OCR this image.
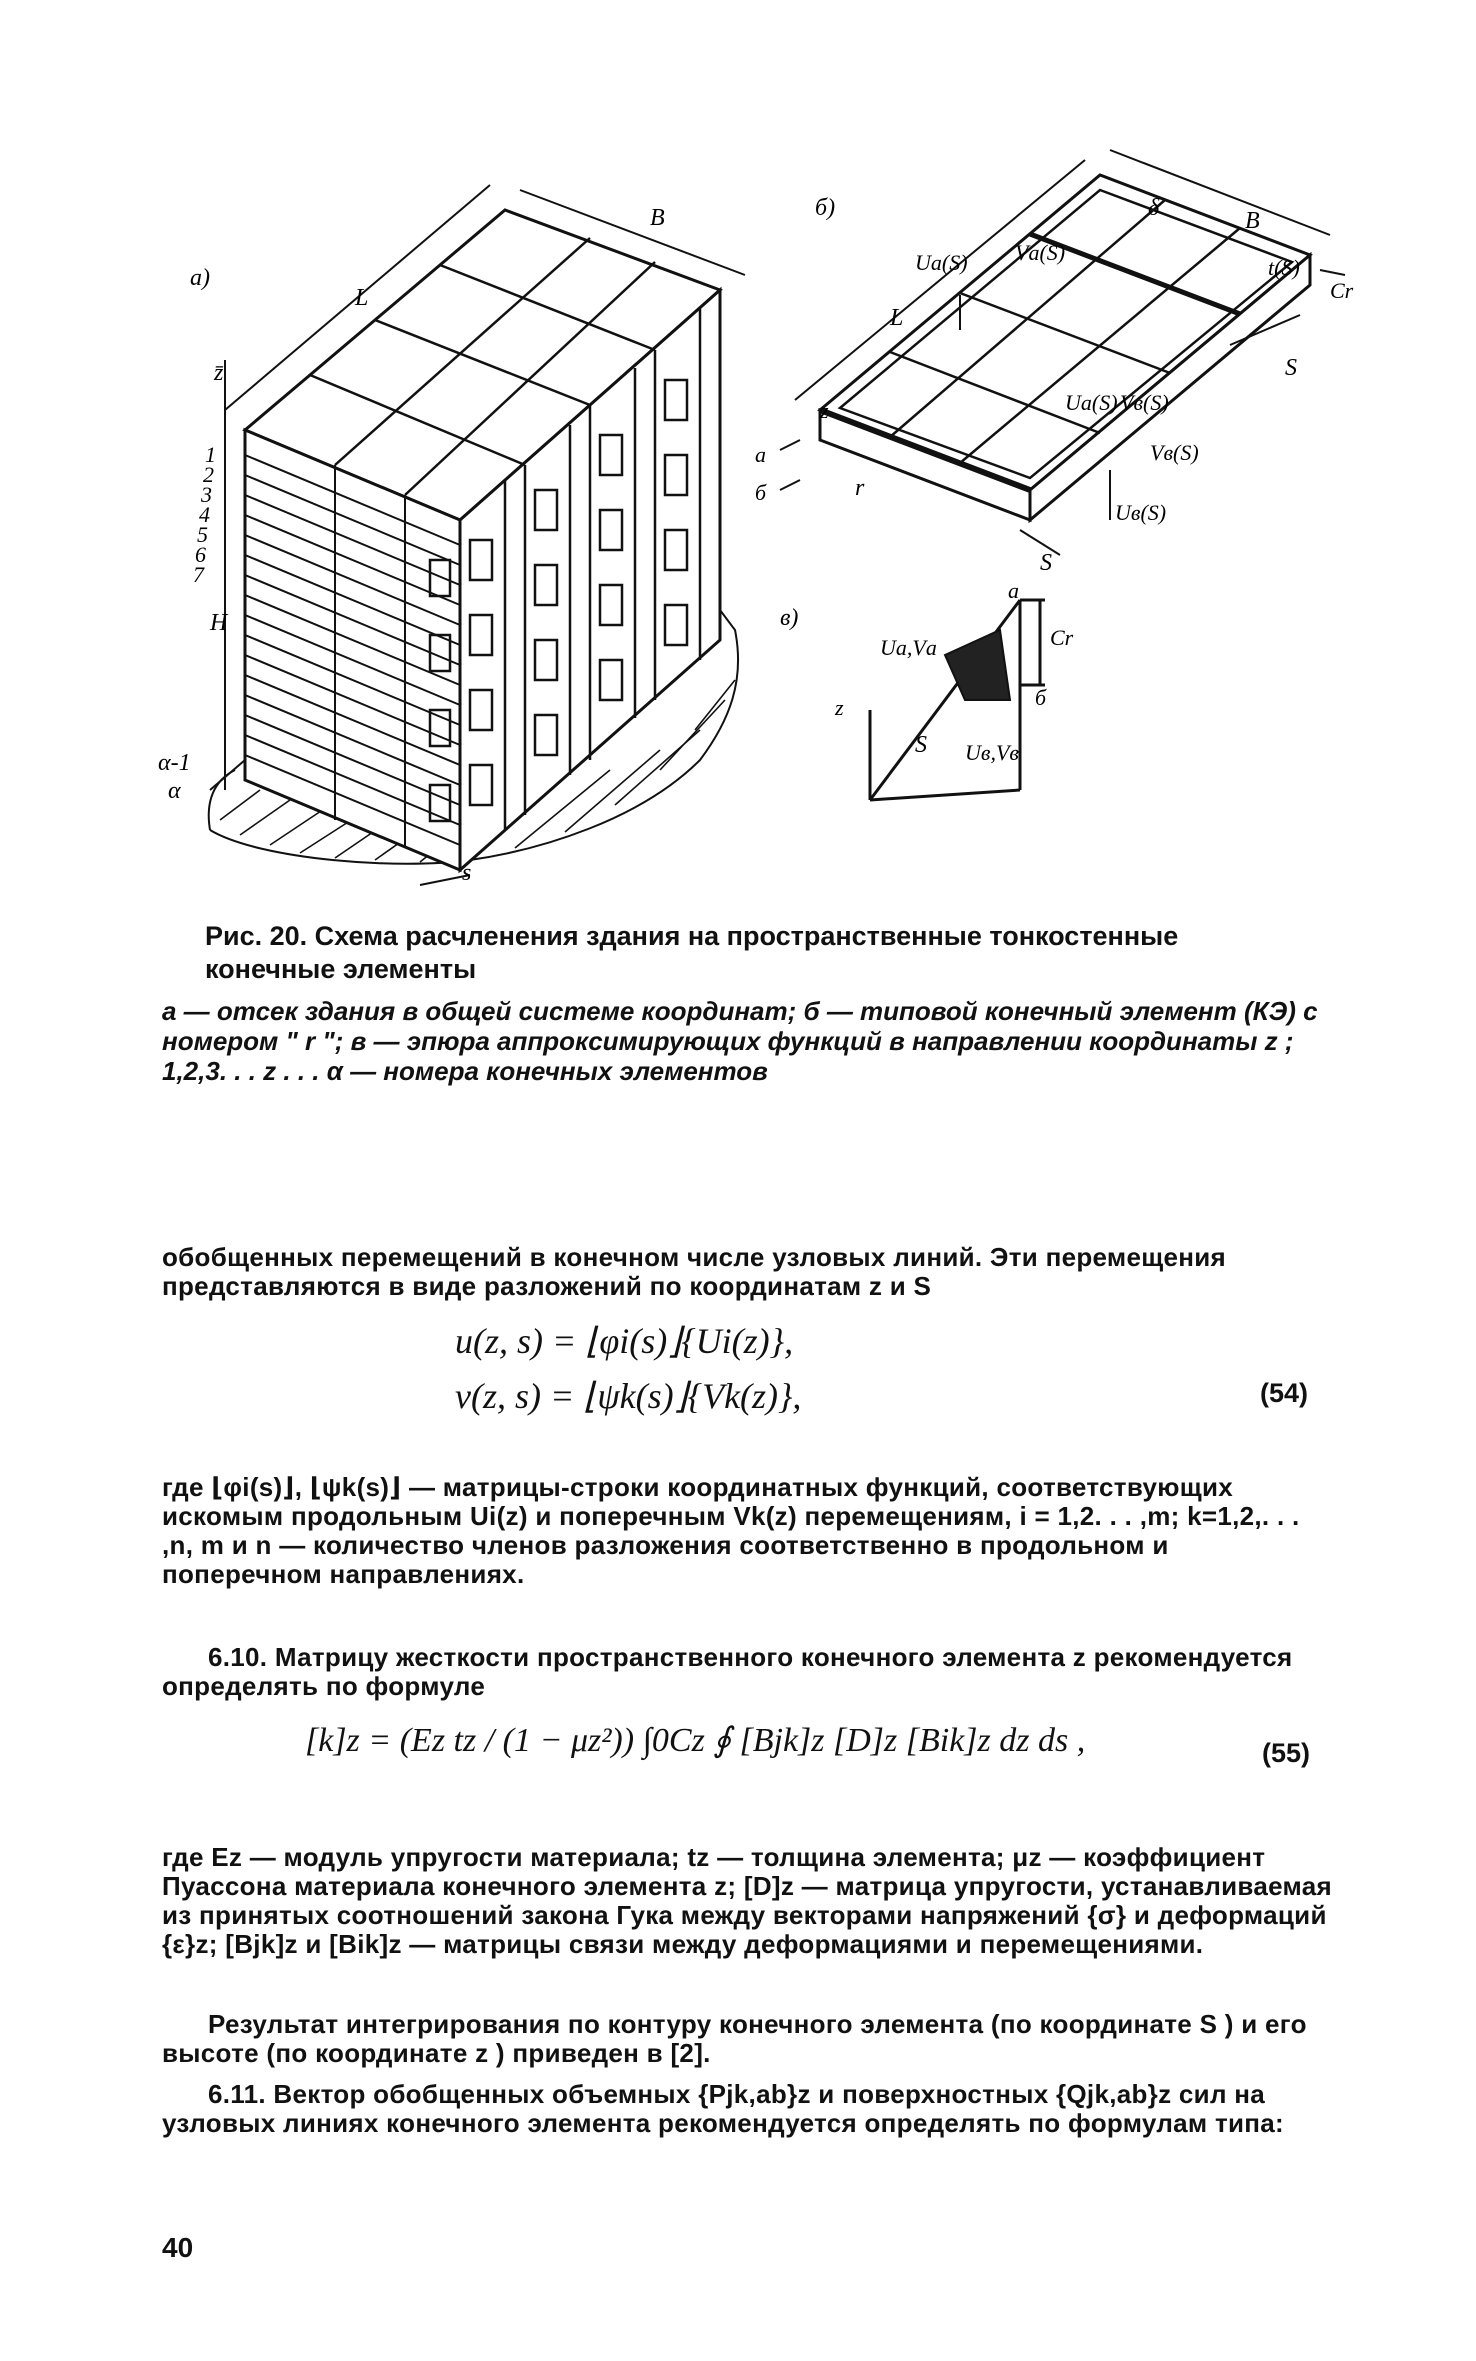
а)
В
L
z̄
H
1
2
3
4
5
6
7
α-1
α
s
б)
Uа(S) Vа(S)
δ	B
t(S)
Cr
L
S
z
а
б	r
Uа(S) Vв(S)
Vв(S)
Uв(S)
S
в)
а
Uа,Vа	Cr
б
z
S Uв,Vв
Рис. 20. Схема расчленения здания на пространственные тонкостенные конечные элементы
а — отсек здания в общей системе координат; б — типовой конечный элемент (КЭ) с номером " r "; в — эпюра аппроксимирующих функций в направлении координаты z ; 1,2,3. . . z . . . α — номера конечных элементов
обобщенных перемещений в конечном числе узловых линий. Эти перемещения представляются в виде разложений по координатам z и S
u(z, s) = ⌊φi(s)⌋{Ui(z)},
v(z, s) = ⌊ψk(s)⌋{Vk(z)},	(54)
где ⌊φi(s)⌋, ⌊ψk(s)⌋ — матрицы-строки координатных функций, соответствующих искомым продольным Ui(z) и поперечным Vk(z) перемещениям, i = 1,2. . . ,m; k=1,2,. . . ,n, m и n — количество членов разложения соответственно в продольном и поперечном направлениях.
6.10. Матрицу жесткости пространственного конечного элемента z рекомендуется определять по формуле
[k]z = (Ez tz / (1 − μz²)) ∫0Cz ∮ [Bjk]z [D]z [Bik]z dz ds ,	(55)
где Ez — модуль упругости материала; tz — толщина элемента; μz — коэффициент Пуассона материала конечного элемента z; [D]z — матрица упругости, устанавливаемая из принятых соотношений закона Гука между векторами напряжений {σ} и деформаций {ε}z; [Bjk]z и [Bik]z — матрицы связи между деформациями и перемещениями.
Результат интегрирования по контуру конечного элемента (по координате S ) и его высоте (по координате z ) приведен в [2].
6.11. Вектор обобщенных объемных {Pjk,ab}z и поверхностных {Qjk,ab}z сил на узловых линиях конечного элемента рекомендуется определять по формулам типа:
40
